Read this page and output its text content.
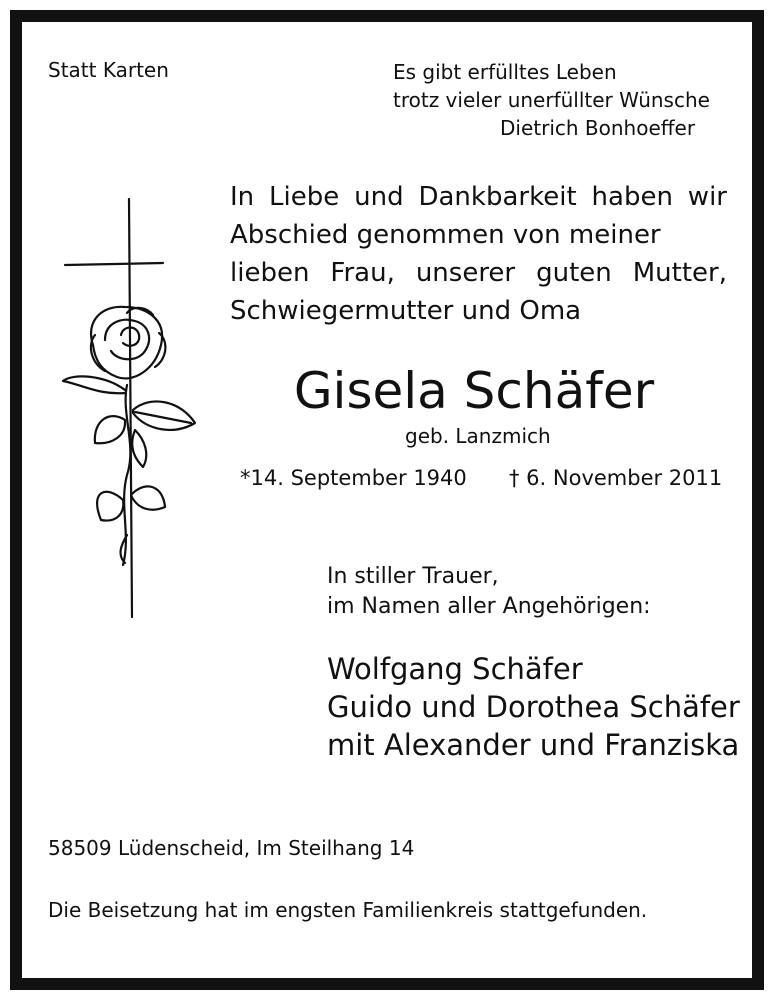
Statt Karten	Es gibt erfülltes Leben
trotz vieler unerfüllter Wünsche
Dietrich Bonhoeffer
In Liebe und Dankbarkeit haben wir
Abschied genommen von meiner
lieben Frau, unserer guten Mutter,
Schwiegermutter und Oma
Gisela Schäfer
geb. Lanzmich
*14. September 1940 † 6. November 2011
In stiller Trauer,
im Namen aller Angehörigen:
Wolfgang Schäfer
Guido und Dorothea Schäfer
mit Alexander und Franziska
58509 Lüdenscheid, Im Steilhang 14
Die Beisetzung hat im engsten Familienkreis stattgefunden.
